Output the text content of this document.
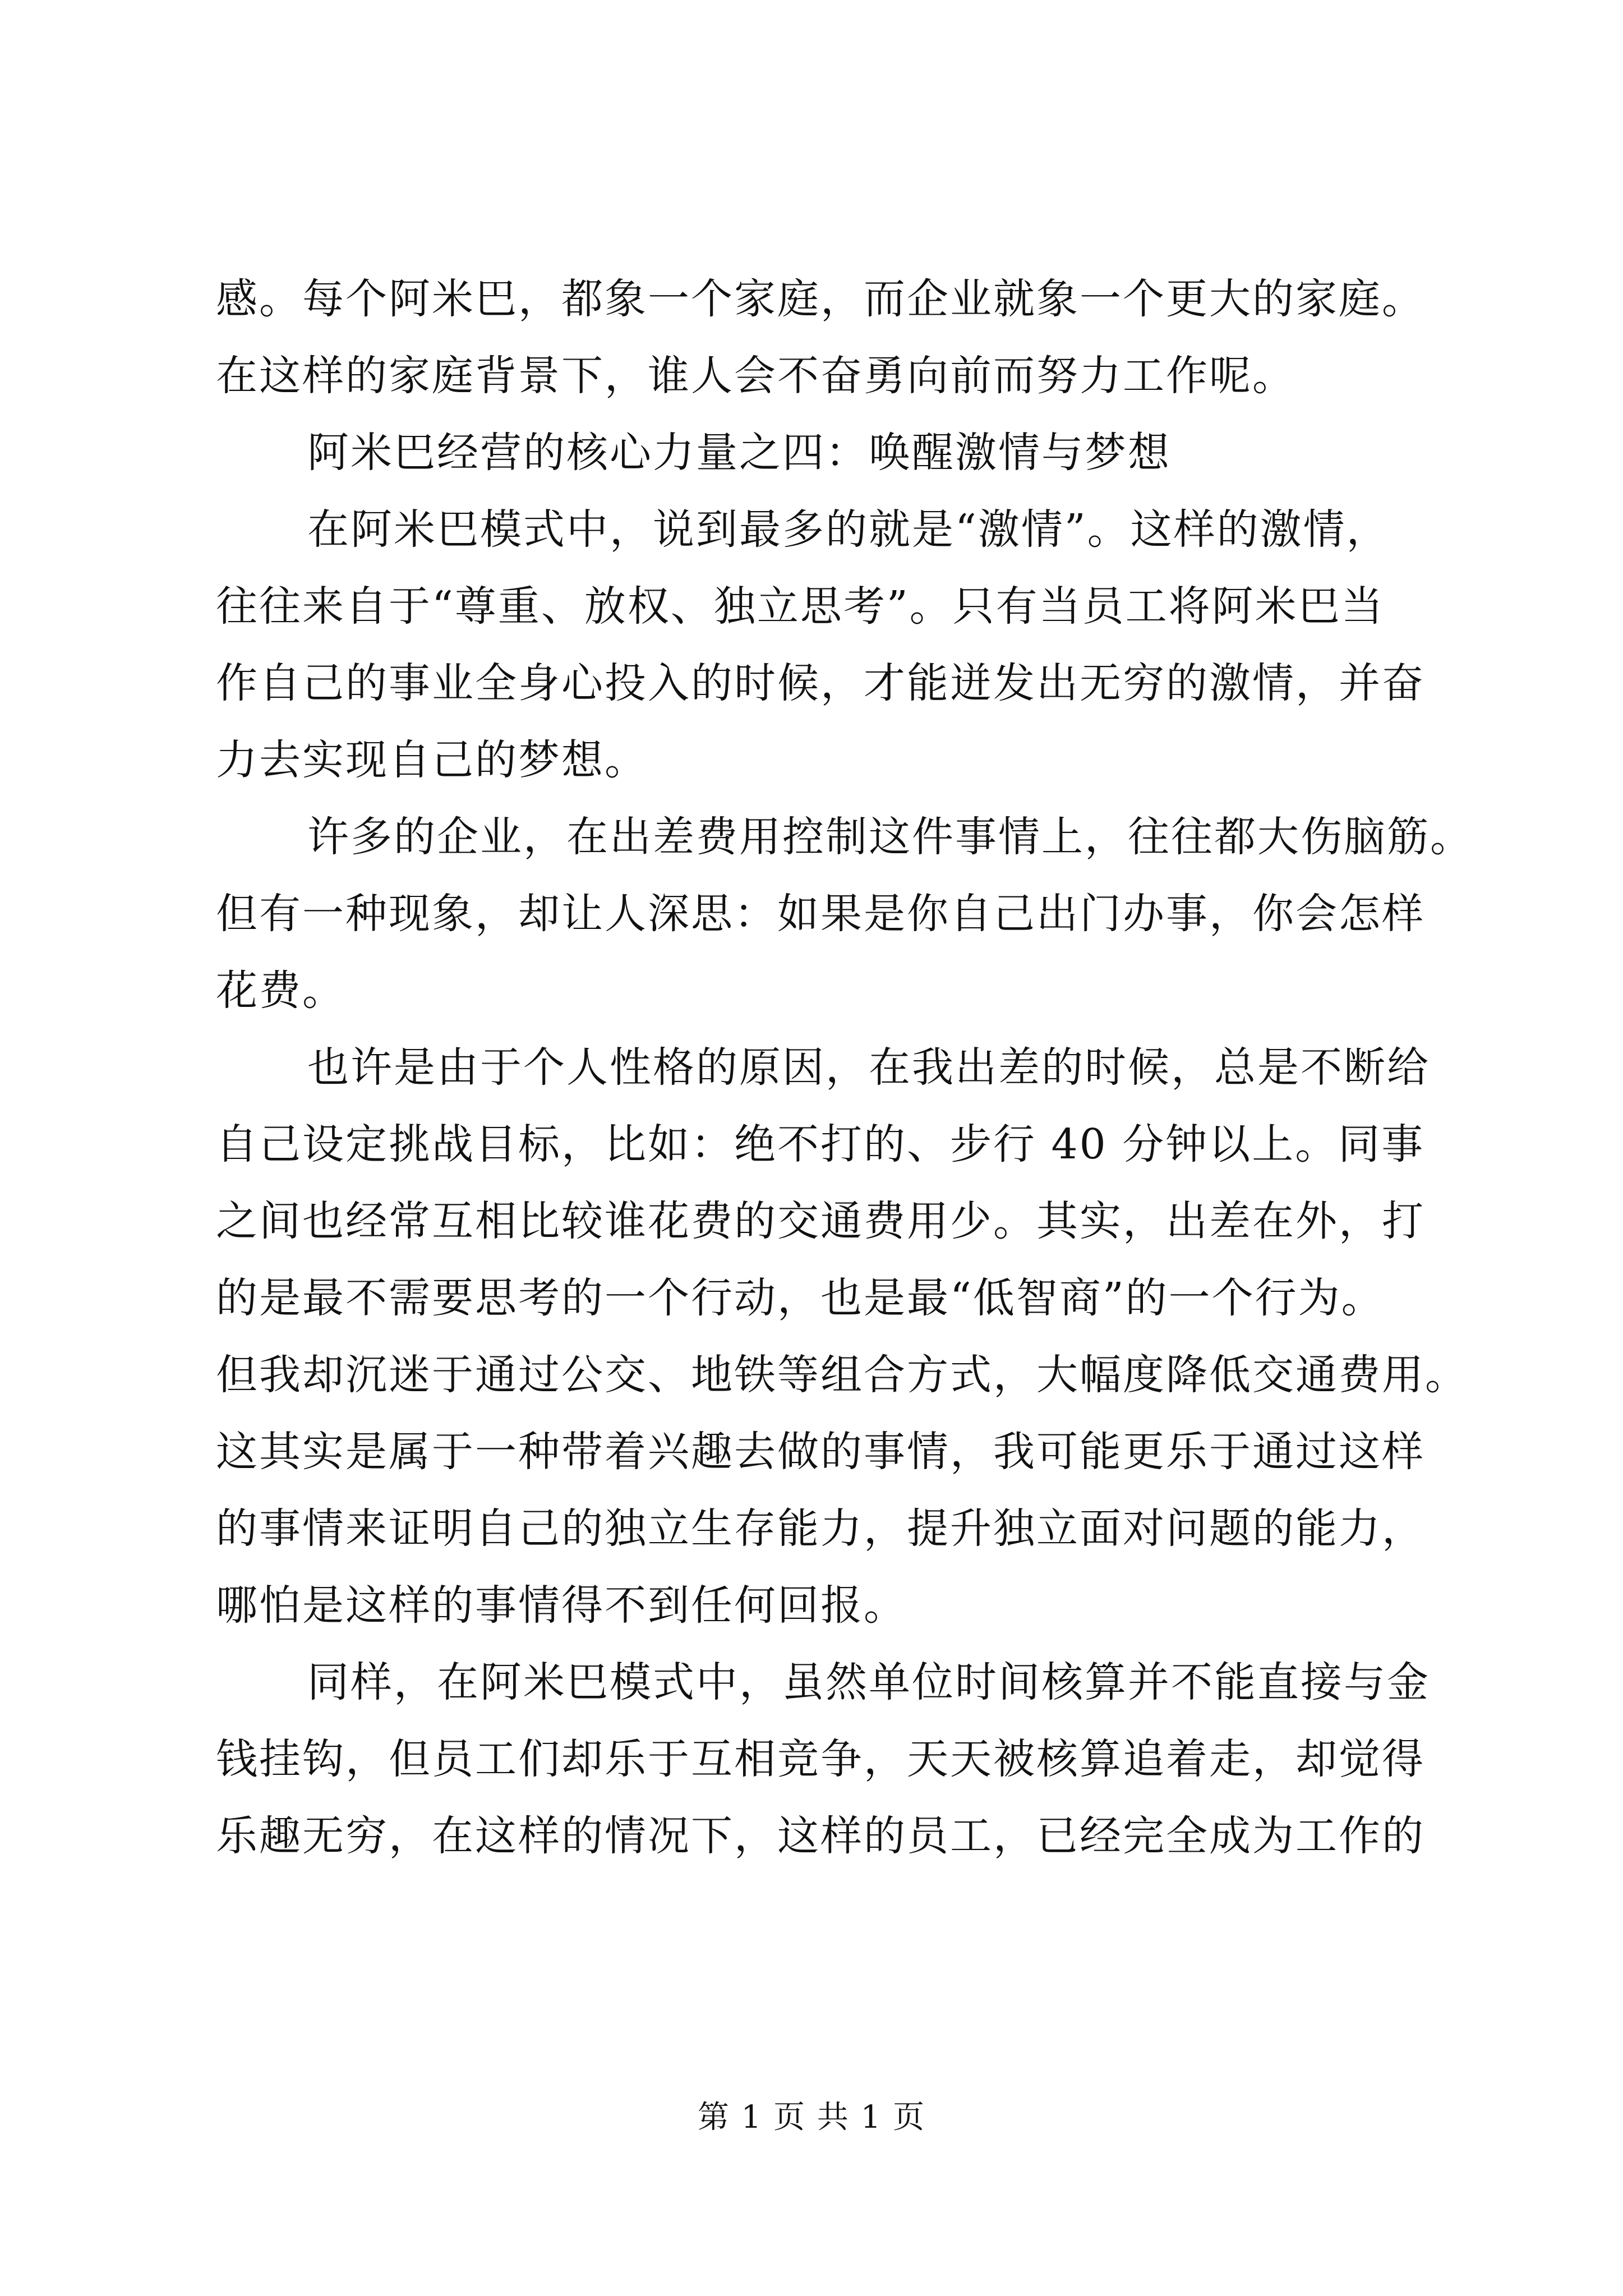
感。每个阿米巴，都象一个家庭，而企业就象一个更大的家庭。
在这样的家庭背景下，谁人会不奋勇向前而努力工作呢。
阿米巴经营的核心力量之四：唤醒激情与梦想
在阿米巴模式中，说到最多的就是“激情”。这样的激情，
往往来自于“尊重、放权、独立思考”。只有当员工将阿米巴当
作自己的事业全身心投入的时候，才能迸发出无穷的激情，并奋
力去实现自己的梦想。
许多的企业，在出差费用控制这件事情上，往往都大伤脑筋。
但有一种现象，却让人深思：如果是你自己出门办事，你会怎样
花费。
也许是由于个人性格的原因，在我出差的时候，总是不断给
自己设定挑战目标，比如：绝不打的、步行 40 分钟以上。同事
之间也经常互相比较谁花费的交通费用少。其实，出差在外，打
的是最不需要思考的一个行动，也是最“低智商”的一个行为。
但我却沉迷于通过公交、地铁等组合方式，大幅度降低交通费用。
这其实是属于一种带着兴趣去做的事情，我可能更乐于通过这样
的事情来证明自己的独立生存能力，提升独立面对问题的能力，
哪怕是这样的事情得不到任何回报。
同样，在阿米巴模式中，虽然单位时间核算并不能直接与金
钱挂钩，但员工们却乐于互相竞争，天天被核算追着走，却觉得
乐趣无穷，在这样的情况下，这样的员工，已经完全成为工作的
第 1 页 共 1 页
